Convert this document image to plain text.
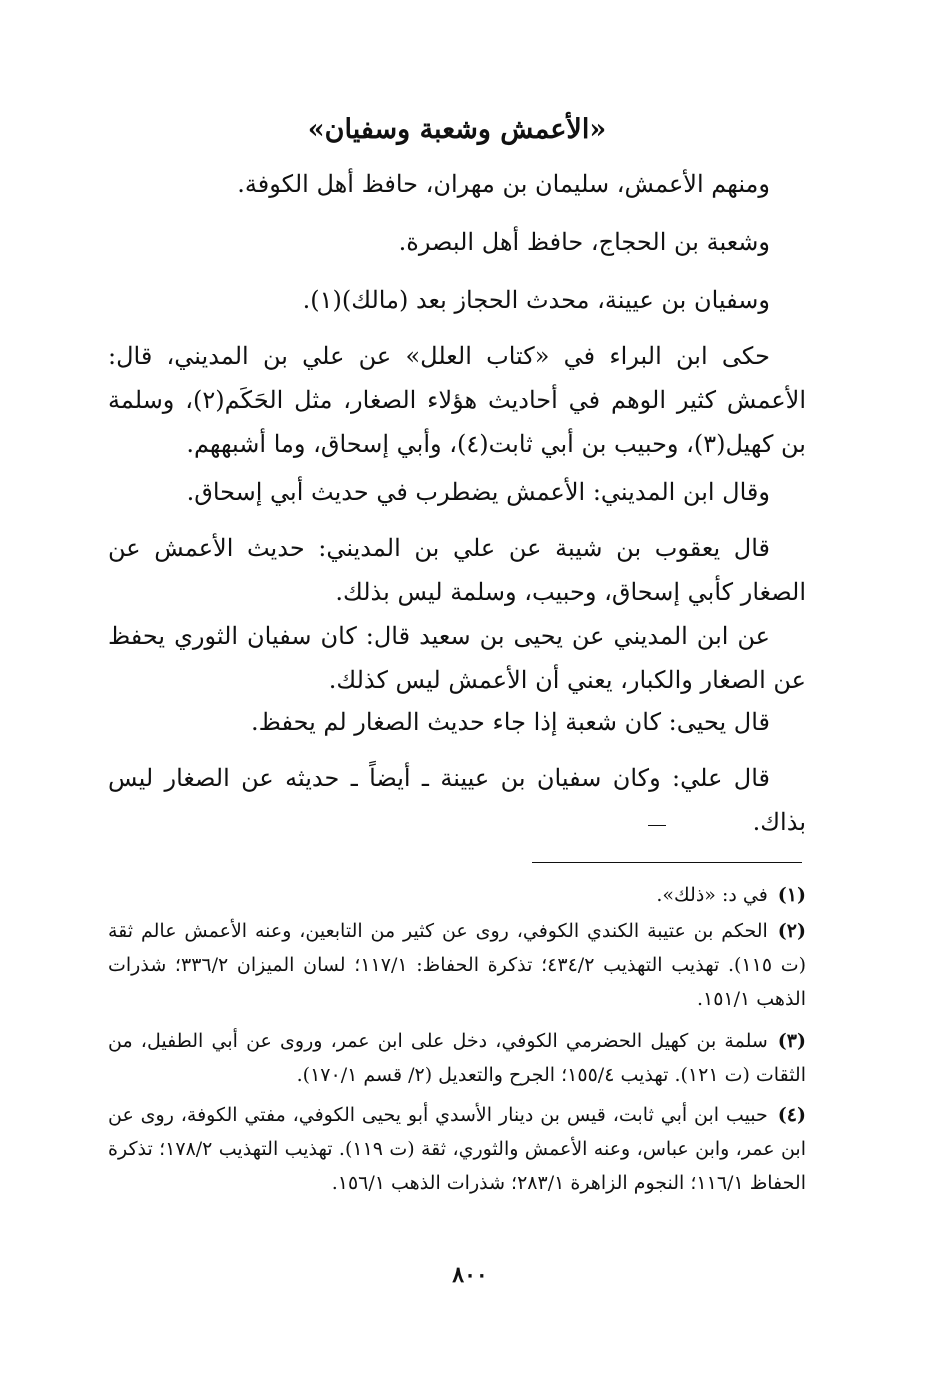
«الأعمش وشعبة وسفيان»
ومنهم الأعمش، سليمان بن مهران، حافظ أهل الكوفة.
وشعبة بن الحجاج، حافظ أهل البصرة.
وسفيان بن عيينة، محدث الحجاز بعد (مالك)(١).
حكى ابن البراء في «كتاب العلل» عن علي بن المديني، قال: الأعمش كثير الوهم في أحاديث هؤلاء الصغار، مثل الحَكَم(٢)، وسلمة بن كهيل(٣)، وحبيب بن أبي ثابت(٤)، وأبي إسحاق، وما أشبههم.
وقال ابن المديني: الأعمش يضطرب في حديث أبي إسحاق.
قال يعقوب بن شيبة عن علي بن المديني: حديث الأعمش عن الصغار كأبي إسحاق، وحبيب، وسلمة ليس بذلك.
عن ابن المديني عن يحيى بن سعيد قال: كان سفيان الثوري يحفظ عن الصغار والكبار، يعني أن الأعمش ليس كذلك.
قال يحيى: كان شعبة إذا جاء حديث الصغار لم يحفظ.
قال علي: وكان سفيان بن عيينة ـ أيضاً ـ حديثه عن الصغار ليس بذاك.
(١)في د: «ذلك».
(٢)الحكم بن عتيبة الكندي الكوفي، روى عن كثير من التابعين، وعنه الأعمش عالم ثقة (ت ١١٥). تهذيب التهذيب ٤٣٤/٢؛ تذكرة الحفاظ: ١١٧/١؛ لسان الميزان ٣٣٦/٢؛ شذرات الذهب ١٥١/١.
(٣)سلمة بن كهيل الحضرمي الكوفي، دخل على ابن عمر، وروى عن أبي الطفيل، من الثقات (ت ١٢١). تهذيب ١٥٥/٤؛ الجرح والتعديل (٢/ قسم ١٧٠/١).
(٤)حبيب ابن أبي ثابت، قيس بن دينار الأسدي أبو يحيى الكوفي، مفتي الكوفة، روى عن ابن عمر، وابن عباس، وعنه الأعمش والثوري، ثقة (ت ١١٩). تهذيب التهذيب ١٧٨/٢؛ تذكرة الحفاظ ١١٦/١؛ النجوم الزاهرة ٢٨٣/١؛ شذرات الذهب ١٥٦/١.
٨٠٠
